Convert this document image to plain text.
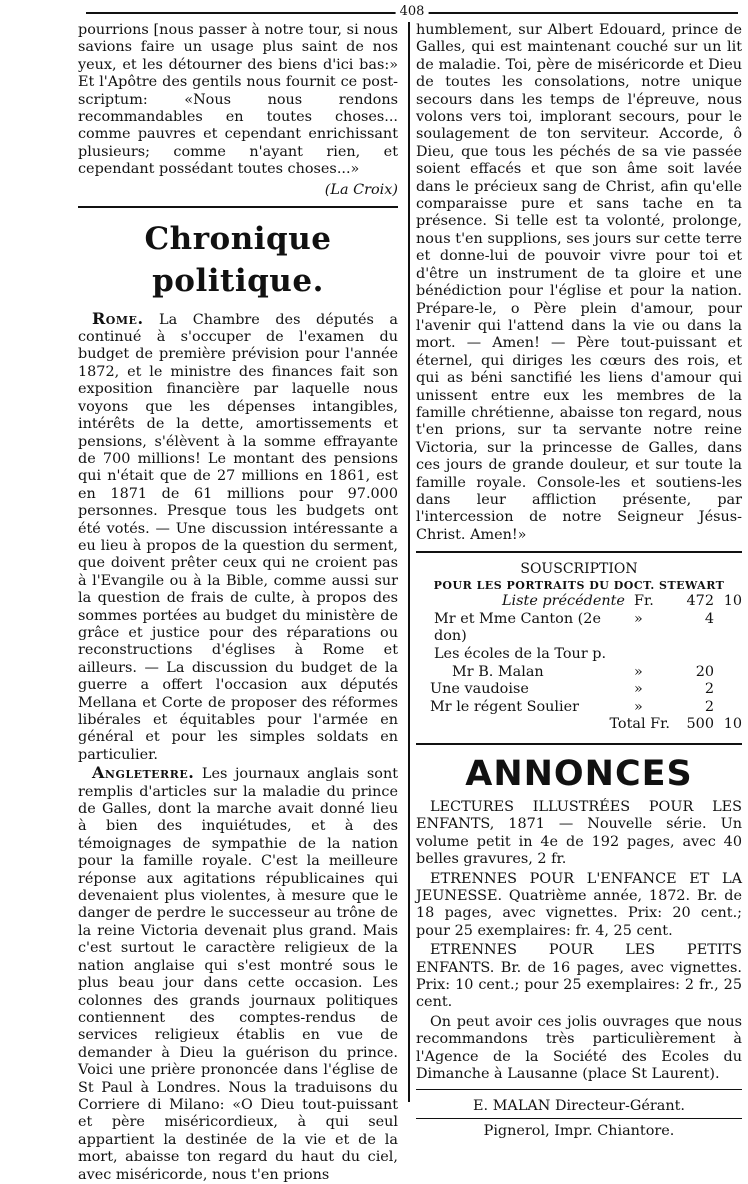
408

pourrions [nous passer à notre tour, si nous savions faire un usage plus saint de nos yeux, et les détourner des biens d'ici bas:» Et l'Apôtre des gentils nous fournit ce post-scriptum: «Nous nous rendons recommandables en toutes choses... comme pauvres et cependant enrichissant plusieurs; comme n'ayant rien, et cependant possédant toutes choses...»

(La Croix)
Chronique politique.

Rome. La Chambre des députés a continué à s'occuper de l'examen du budget de première prévision pour l'année 1872, et le ministre des finances fait son exposition financière par laquelle nous voyons que les dépenses intangibles, intérêts de la dette, amortissements et pensions, s'élèvent à la somme effrayante de 700 millions! Le montant des pensions qui n'était que de 27 millions en 1861, est en 1871 de 61 millions pour 97.000 personnes. Presque tous les budgets ont été votés. — Une discussion intéressante a eu lieu à propos de la question du serment, que doivent prêter ceux qui ne croient pas à l'Evangile ou à la Bible, comme aussi sur la question de frais de culte, à propos des sommes portées au budget du ministère de grâce et justice pour des réparations ou reconstructions d'églises à Rome et ailleurs. — La discussion du budget de la guerre a offert l'occasion aux députés Mellana et Corte de proposer des réformes libérales et équitables pour l'armée en général et pour les simples soldats en particulier.

Angleterre. Les journaux anglais sont remplis d'articles sur la maladie du prince de Galles, dont la marche avait donné lieu à bien des inquiétudes, et à des témoignages de sympathie de la nation pour la famille royale. C'est la meilleure réponse aux agitations républicaines qui devenaient plus violentes, à mesure que le danger de perdre le successeur au trône de la reine Victoria devenait plus grand. Mais c'est surtout le caractère religieux de la nation anglaise qui s'est montré sous le plus beau jour dans cette occasion. Les colonnes des grands journaux politiques contiennent des comptes-rendus de services religieux établis en vue de demander à Dieu la guérison du prince. Voici une prière prononcée dans l'église de St Paul à Londres. Nous la traduisons du Corriere di Milano: «O Dieu tout-puissant et père miséricordieux, à qui seul appartient la destinée de la vie et de la mort, abaisse ton regard du haut du ciel, avec miséricorde, nous t'en prions

humblement, sur Albert Edouard, prince de Galles, qui est maintenant couché sur un lit de maladie. Toi, père de miséricorde et Dieu de toutes les consolations, notre unique secours dans les temps de l'épreuve, nous volons vers toi, implorant secours, pour le soulagement de ton serviteur. Accorde, ô Dieu, que tous les péchés de sa vie passée soient effacés et que son âme soit lavée dans le précieux sang de Christ, afin qu'elle comparaisse pure et sans tache en ta présence. Si telle est ta volonté, prolonge, nous t'en supplions, ses jours sur cette terre et donne-lui de pouvoir vivre pour toi et d'être un instrument de ta gloire et une bénédiction pour l'église et pour la nation. Prépare-le, o Père plein d'amour, pour l'avenir qui l'attend dans la vie ou dans la mort. — Amen! — Père tout-puissant et éternel, qui diriges les cœurs des rois, et qui as béni sanctifié les liens d'amour qui unissent entre eux les membres de la famille chrétienne, abaisse ton regard, nous t'en prions, sur ta servante notre reine Victoria, sur la princesse de Galles, dans ces jours de grande douleur, et sur toute la famille royale. Console-les et soutiens-les dans leur affliction présente, par l'intercession de notre Seigneur Jésus-Christ. Amen!»

SOUSCRIPTION
POUR LES PORTRAITS DU DOCT. STEWART
Liste précédente	Fr.	472	10
Mr et Mme Canton (2e don)	»	4	
Les écoles de la Tour p.			
Mr B. Malan	»	20	
Une vaudoise	»	2	
Mr le régent Soulier	»	2	
Total Fr.		500	10
ANNONCES

LECTURES ILLUSTRÉES POUR LES ENFANTS, 1871 — Nouvelle série. Un volume petit in 4e de 192 pages, avec 40 belles gravures, 2 fr.

ETRENNES POUR L'ENFANCE ET LA JEUNESSE. Quatrième année, 1872. Br. de 18 pages, avec vignettes. Prix: 20 cent.; pour 25 exemplaires: fr. 4, 25 cent.

ETRENNES POUR LES PETITS ENFANTS. Br. de 16 pages, avec vignettes. Prix: 10 cent.; pour 25 exemplaires: 2 fr., 25 cent.

On peut avoir ces jolis ouvrages que nous recommandons très particulièrement à l'Agence de la Société des Ecoles du Dimanche à Lausanne (place St Laurent).

E. MALAN Directeur-Gérant.
Pignerol, Impr. Chiantore.
